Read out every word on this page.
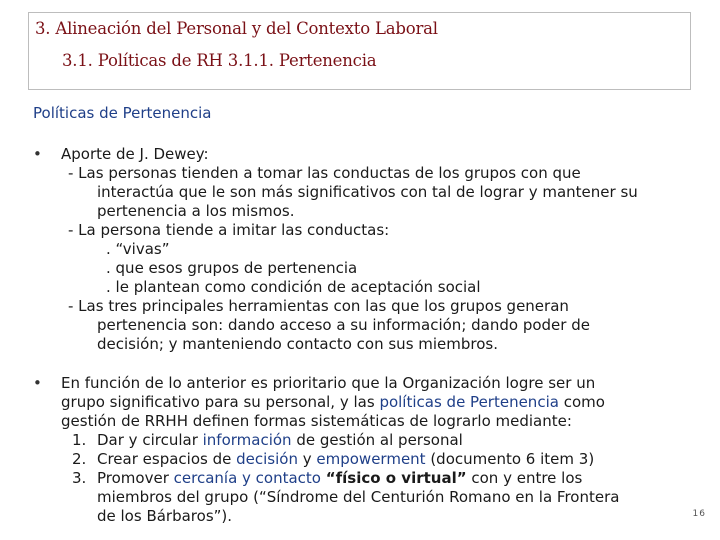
3. Alineación del Personal y del Contexto Laboral
3.1. Políticas de RH 3.1.1. Pertenencia
Políticas de Pertenencia
• Aporte de J. Dewey:
- Las personas tienden a tomar las conductas de los grupos con que
interactúa que le son más significativos con tal de lograr y mantener su
pertenencia a los mismos.
- La persona tiende a imitar las conductas:
. “vivas”
. que esos grupos de pertenencia
. le plantean como condición de aceptación social
- Las tres principales herramientas con las que los grupos generan
pertenencia son: dando acceso a su información; dando poder de
decisión; y manteniendo contacto con sus miembros.
• En función de lo anterior es prioritario que la Organización logre ser un
grupo significativo para su personal, y las políticas de Pertenencia como
gestión de RRHH definen formas sistemáticas de lograrlo mediante:
1. Dar y circular información de gestión al personal
2. Crear espacios de decisión y empowerment (documento 6 item 3)
3. Promover cercanía y contacto “físico o virtual” con y entre los
miembros del grupo (“Síndrome del Centurión Romano en la Frontera
de los Bárbaros”).	16
